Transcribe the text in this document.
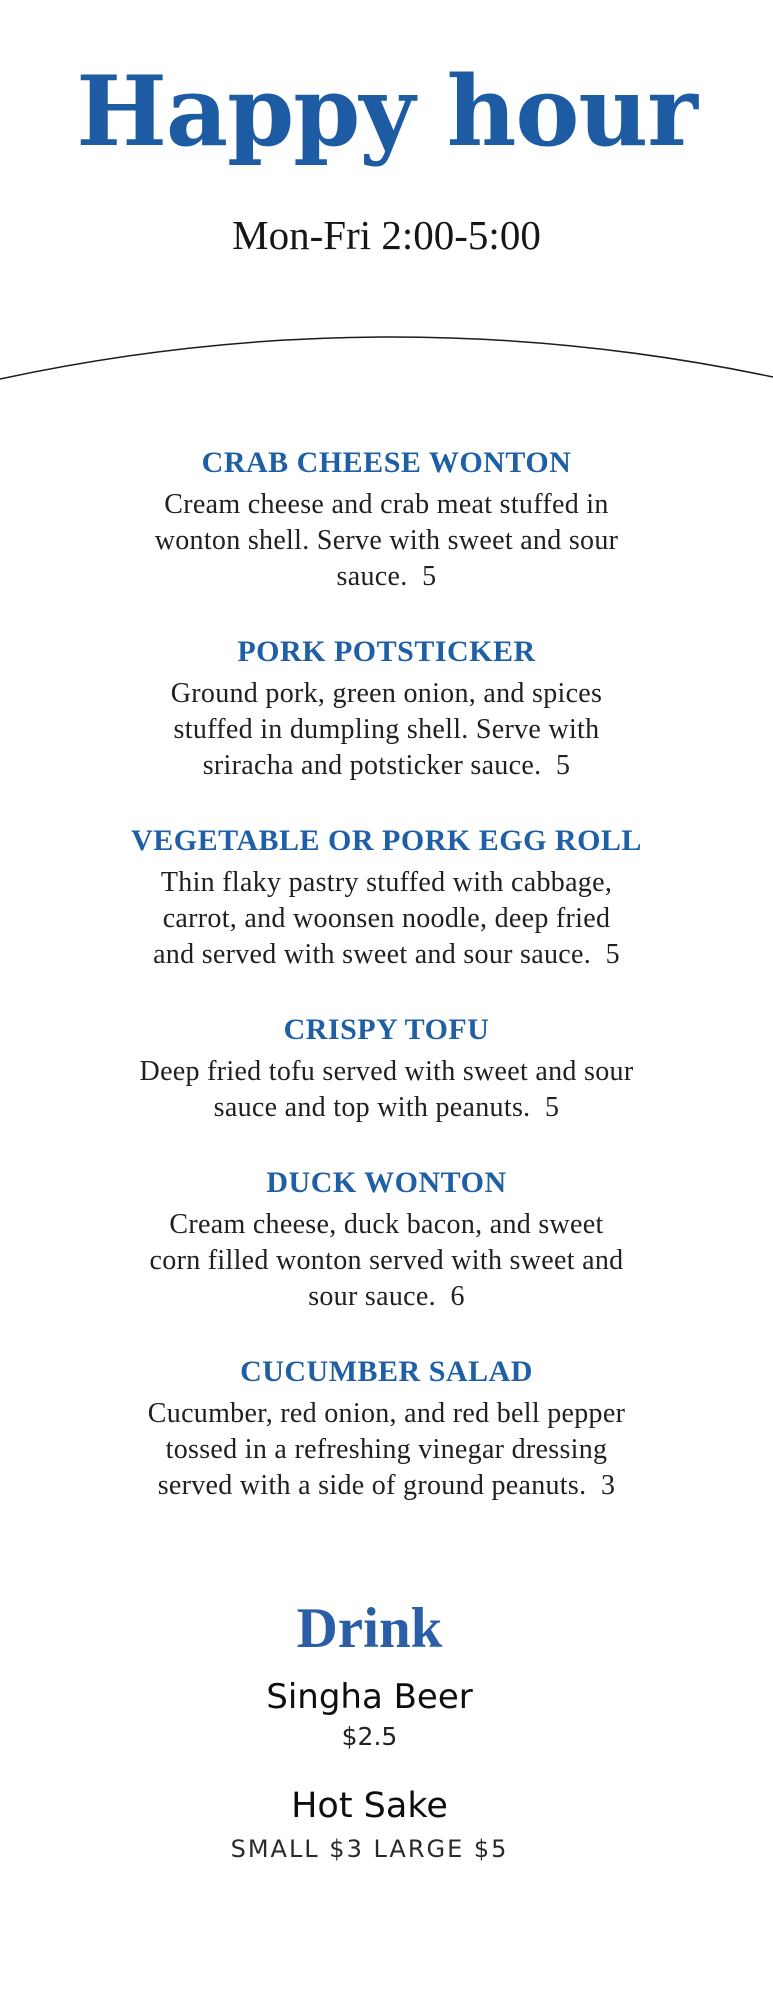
Happy hour
Mon-Fri 2:00-5:00
CRAB CHEESE WONTON

Cream cheese and crab meat stuffed in

wonton shell. Serve with sweet and sour

sauce.  5

PORK POTSTICKER

Ground pork, green onion, and spices

stuffed in dumpling shell. Serve with

sriracha and potsticker sauce.  5

VEGETABLE OR PORK EGG ROLL

Thin flaky pastry stuffed with cabbage,

carrot, and woonsen noodle, deep fried

and served with sweet and sour sauce.  5

CRISPY TOFU

Deep fried tofu served with sweet and sour

sauce and top with peanuts.  5

DUCK WONTON

Cream cheese, duck bacon, and sweet

corn filled wonton served with sweet and

sour sauce.  6

CUCUMBER SALAD

Cucumber, red onion, and red bell pepper

tossed in a refreshing vinegar dressing

served with a side of ground peanuts.  3

Drink
Singha Beer
$2.5
Hot Sake
SMALL $3 LARGE $5
